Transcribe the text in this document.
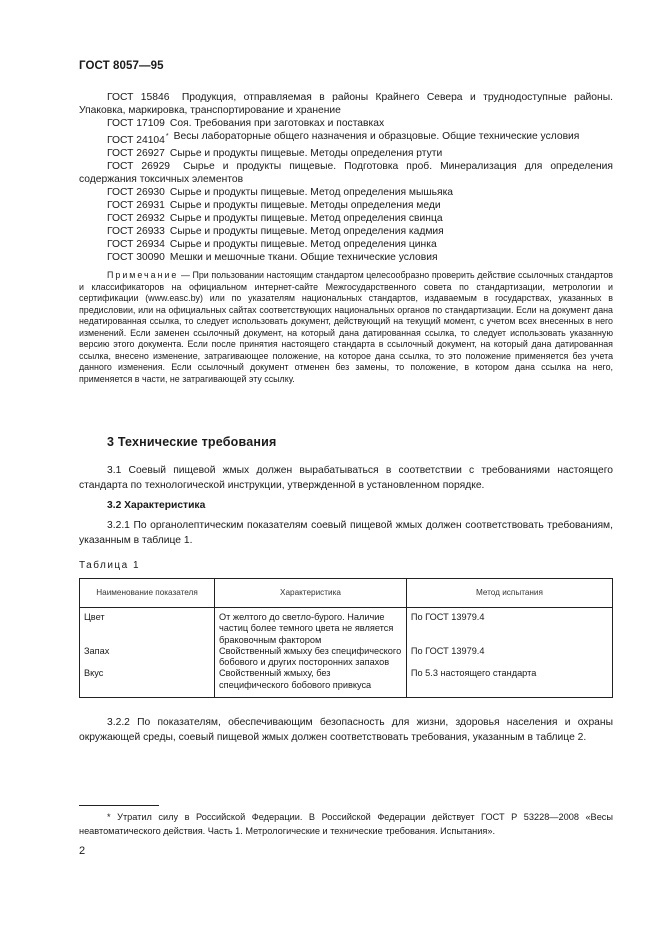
ГОСТ 8057—95
ГОСТ 15846 Продукция, отправляемая в районы Крайнего Севера и труднодоступные районы.
Упаковка, маркировка, транспортирование и хранение
ГОСТ 17109 Соя. Требования при заготовках и поставках
ГОСТ 24104* Весы лабораторные общего назначения и образцовые. Общие технические условия
ГОСТ 26927 Сырье и продукты пищевые. Методы определения ртути
ГОСТ 26929 Сырье и продукты пищевые. Подготовка проб. Минерализация для определения
содержания токсичных элементов
ГОСТ 26930 Сырье и продукты пищевые. Метод определения мышьяка
ГОСТ 26931 Сырье и продукты пищевые. Методы определения меди
ГОСТ 26932 Сырье и продукты пищевые. Метод определения свинца
ГОСТ 26933 Сырье и продукты пищевые. Метод определения кадмия
ГОСТ 26934 Сырье и продукты пищевые. Метод определения цинка
ГОСТ 30090 Мешки и мешочные ткани. Общие технические условия
Примечание — При пользовании настоящим стандартом целесообразно проверить действие ссылочных стандартов и классификаторов на официальном интернет-сайте Межгосударственного совета по стандартизации, метрологии и сертификации (www.easc.by) или по указателям национальных стандартов, издаваемым в государствах, указанных в предисловии, или на официальных сайтах соответствующих национальных органов по стандартизации. Если на документ дана недатированная ссылка, то следует использовать документ, действующий на текущий момент, с учетом всех внесенных в него изменений. Если заменен ссылочный документ, на который дана датированная ссылка, то следует использовать указанную версию этого документа. Если после принятия настоящего стандарта в ссылочный документ, на который дана датированная ссылка, внесено изменение, затрагивающее положение, на которое дана ссылка, то это положение применяется без учета данного изменения. Если ссылочный документ отменен без замены, то положение, в котором дана ссылка на него, применяется в части, не затрагивающей эту ссылку.
3 Технические требования
3.1 Соевый пищевой жмых должен вырабатываться в соответствии с требованиями настоящего стандарта по технологической инструкции, утвержденной в установленном порядке.
3.2 Характеристика
3.2.1 По органолептическим показателям соевый пищевой жмых должен соответствовать требованиям, указанным в таблице 1.
Таблица 1
Наименование показателя	Характеристика	Метод испытания
Цвет	От желтого до светло-бурого. Наличие частиц более темного цвета не является браковочным фактором	По ГОСТ 13979.4
Запах	Свойственный жмыху без специфического бобового и других посторонних запахов	По ГОСТ 13979.4
Вкус	Свойственный жмыху, без специфического бобового привкуса	По 5.3 настоящего стандарта
3.2.2 По показателям, обеспечивающим безопасность для жизни, здоровья населения и охраны окружающей среды, соевый пищевой жмых должен соответствовать требования, указанным в таблице 2.
* Утратил силу в Российской Федерации. В Российской Федерации действует ГОСТ Р 53228—2008 «Весы неавтоматического действия. Часть 1. Метрологические и технические требования. Испытания».
2
